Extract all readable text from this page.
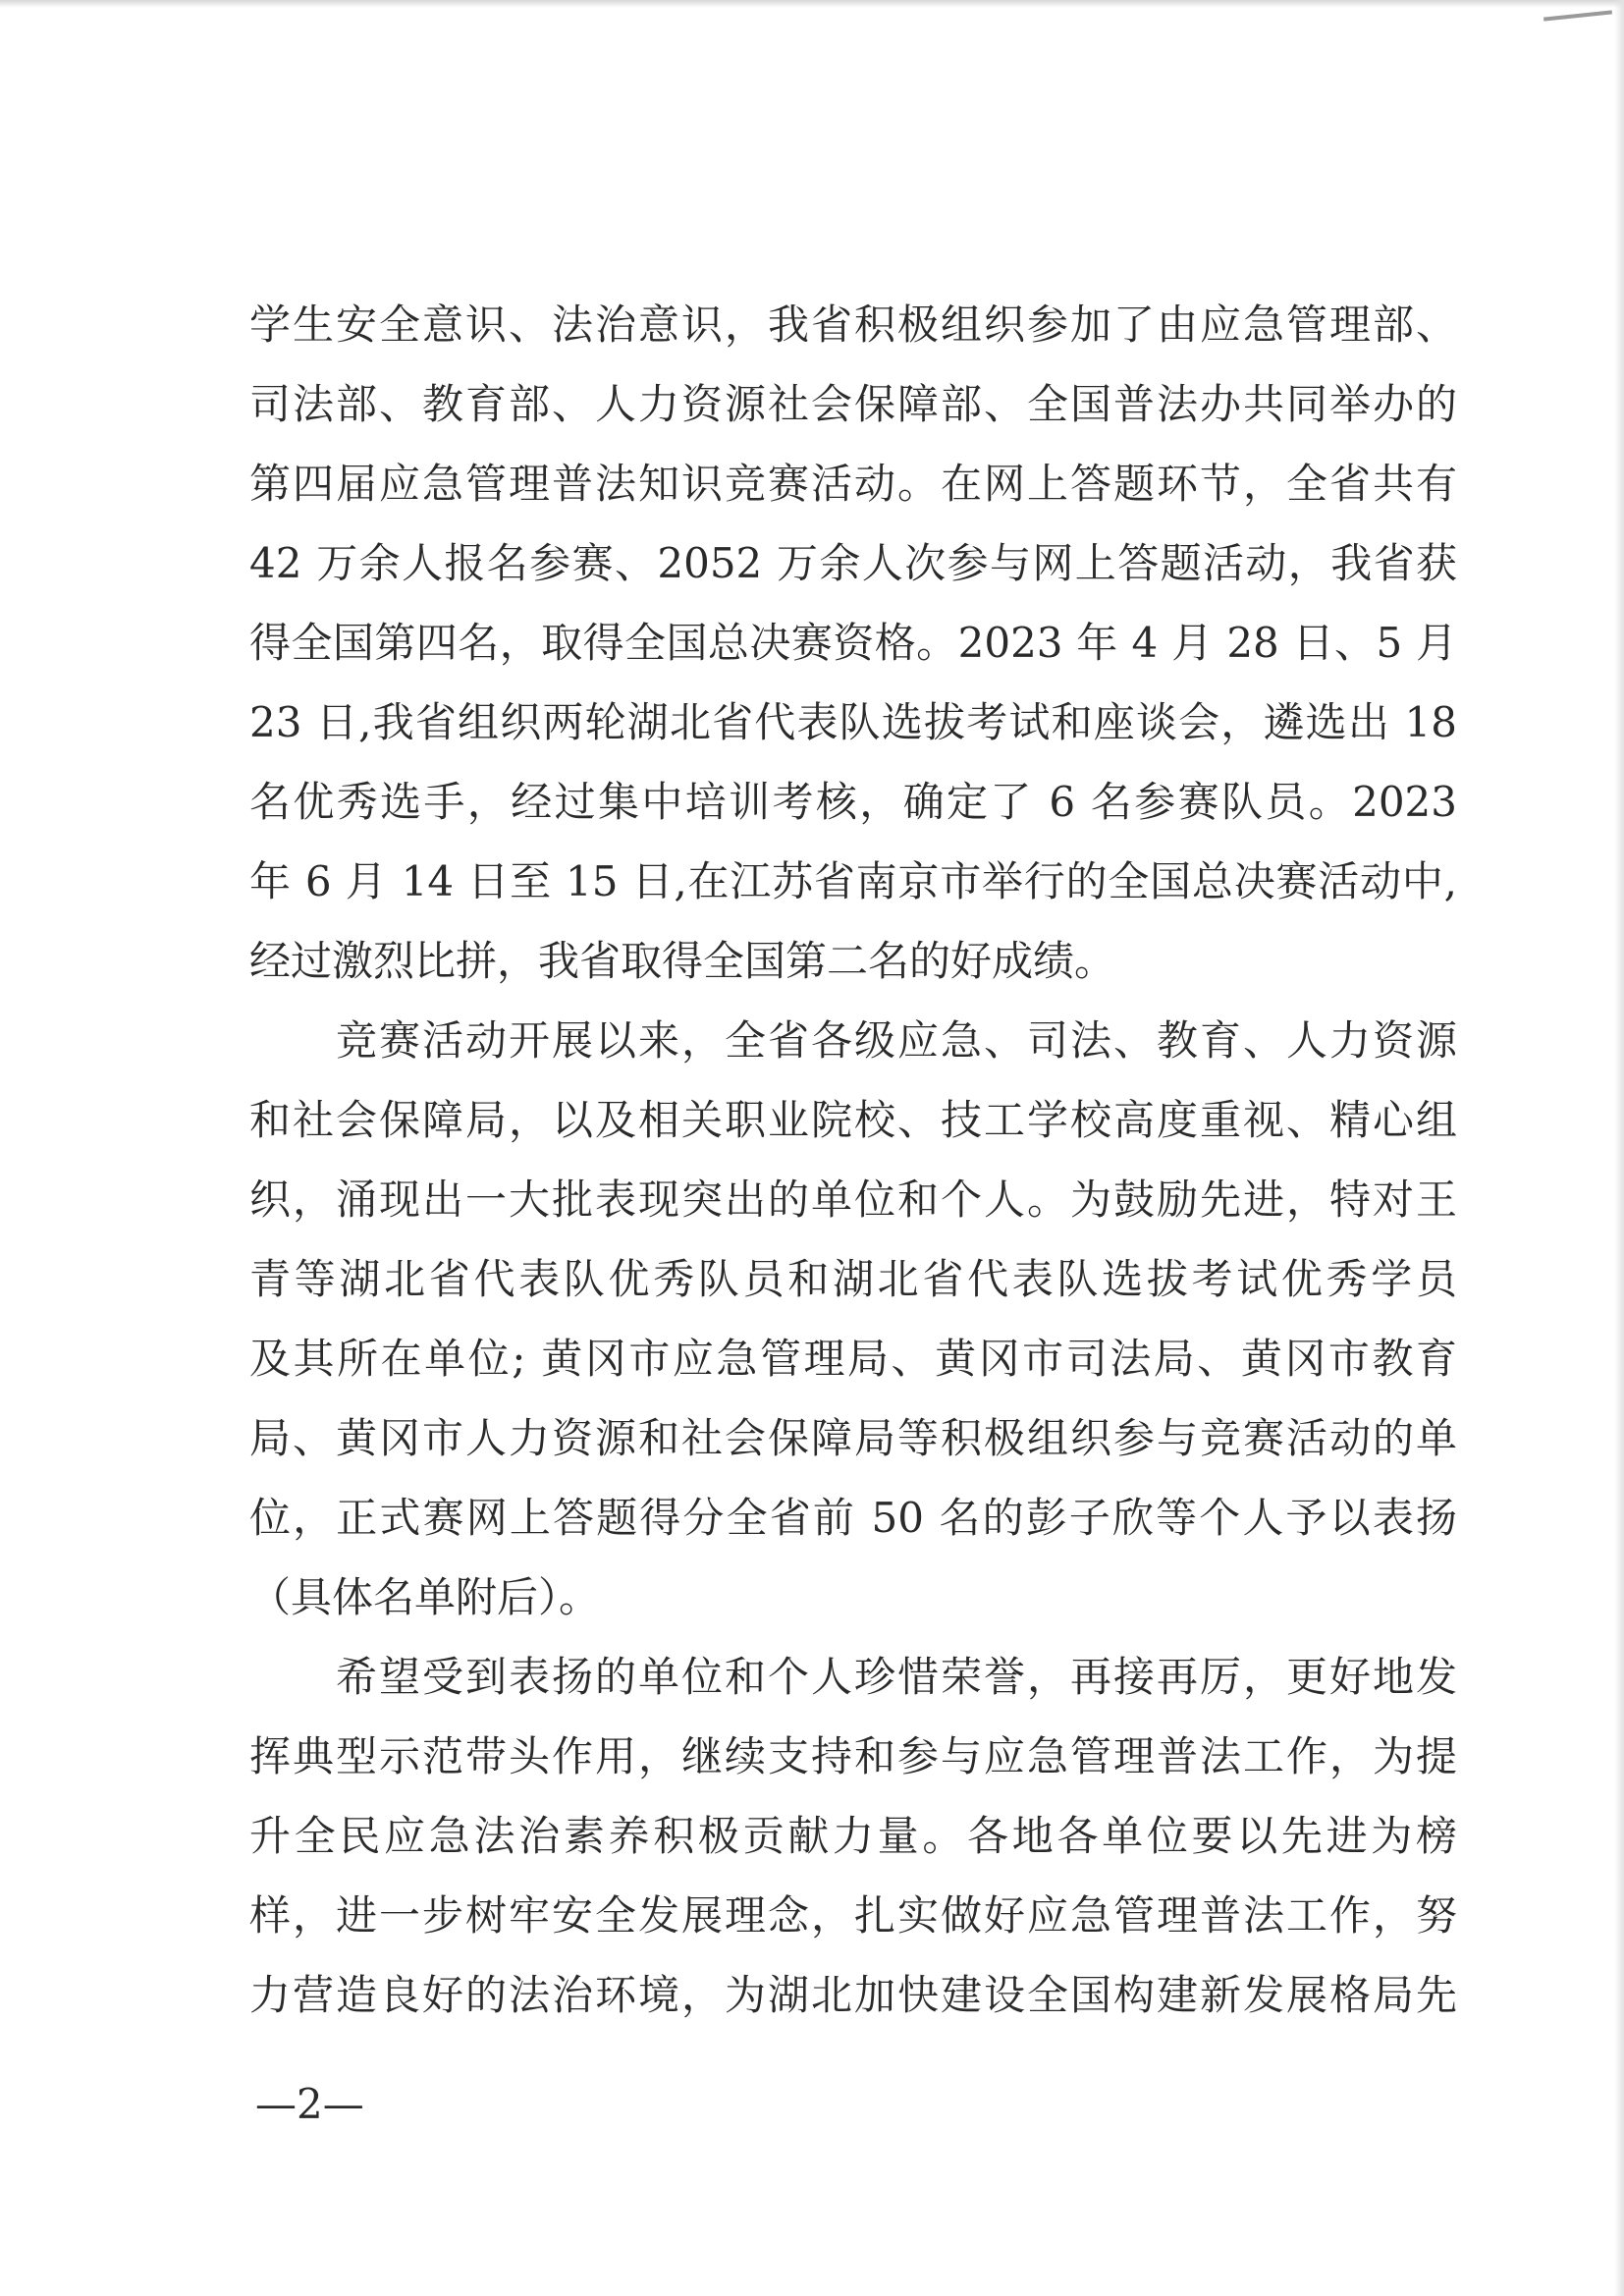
学生安全意识、法治意识，我省积极组织参加了由应急管理部、
司法部、教育部、人力资源社会保障部、全国普法办共同举办的
第四届应急管理普法知识竞赛活动。在网上答题环节，全省共有
42 万余人报名参赛、2052 万余人次参与网上答题活动，我省获
得全国第四名，取得全国总决赛资格。2023 年 4 月 28 日、5 月
23 日,我省组织两轮湖北省代表队选拔考试和座谈会，遴选出 18
名优秀选手，经过集中培训考核，确定了 6 名参赛队员。2023
年 6 月 14 日至 15 日,在江苏省南京市举行的全国总决赛活动中,
经过激烈比拼，我省取得全国第二名的好成绩。
　　竞赛活动开展以来，全省各级应急、司法、教育、人力资源
和社会保障局，以及相关职业院校、技工学校高度重视、精心组
织，涌现出一大批表现突出的单位和个人。为鼓励先进，特对王
青等湖北省代表队优秀队员和湖北省代表队选拔考试优秀学员
及其所在单位; 黄冈市应急管理局、黄冈市司法局、黄冈市教育
局、黄冈市人力资源和社会保障局等积极组织参与竞赛活动的单
位，正式赛网上答题得分全省前 50 名的彭子欣等个人予以表扬
（具体名单附后）。
　　希望受到表扬的单位和个人珍惜荣誉，再接再厉，更好地发
挥典型示范带头作用，继续支持和参与应急管理普法工作，为提
升全民应急法治素养积极贡献力量。各地各单位要以先进为榜
样，进一步树牢安全发展理念，扎实做好应急管理普法工作，努
力营造良好的法治环境，为湖北加快建设全国构建新发展格局先
—2—
